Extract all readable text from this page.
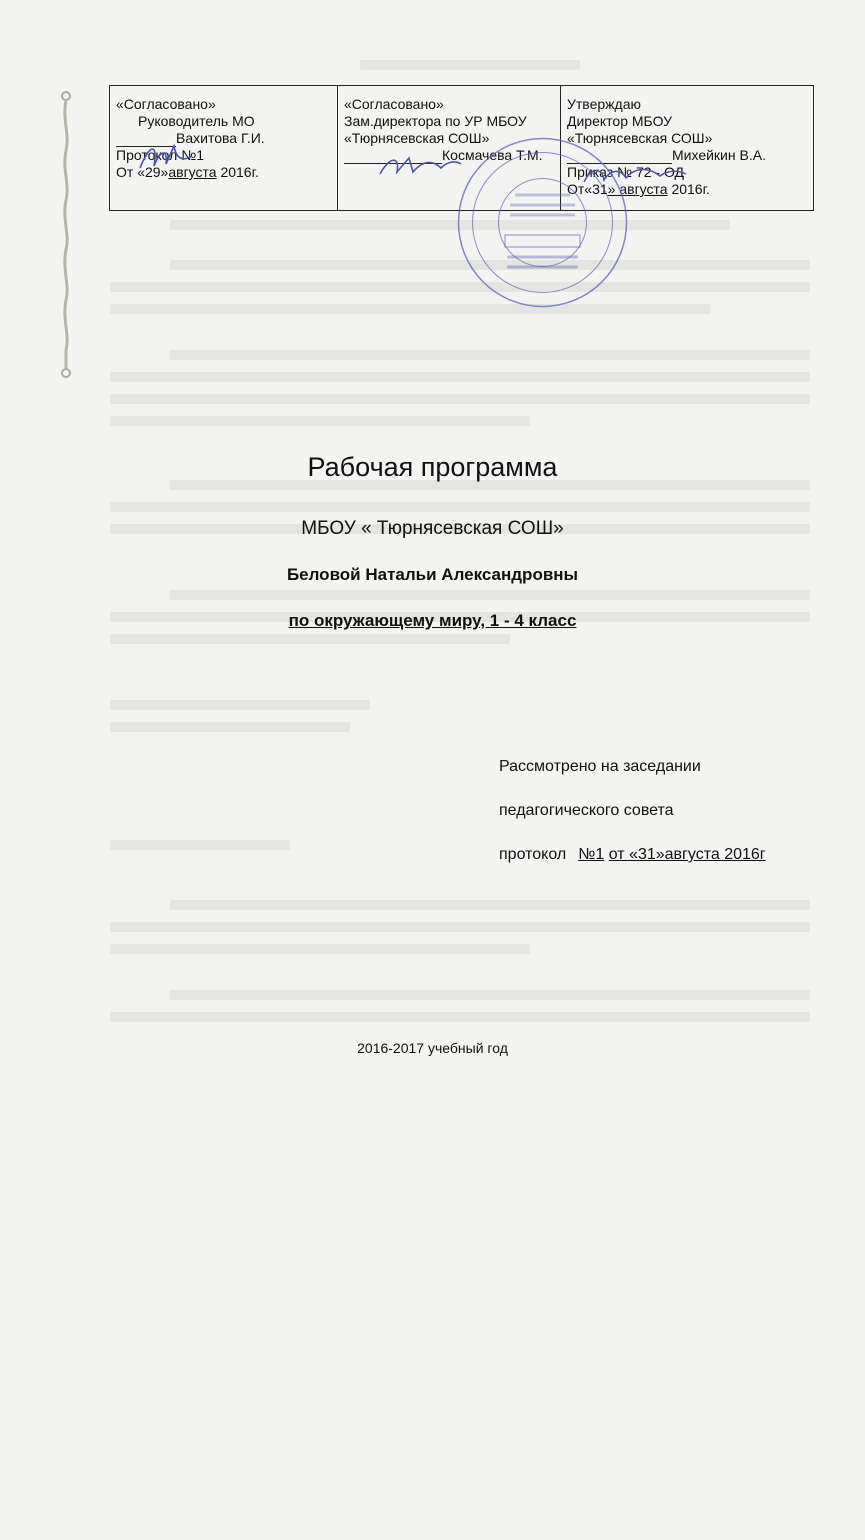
«Согласовано»
Руководитель МО
Вахитова Г.И.
Протокол №1
От «29»августа 2016г.

«Согласовано»
Зам.директора по УР МБОУ
«Тюрнясевская СОШ»
Космачева Т.М.

Утверждаю
Директор МБОУ
«Тюрнясевская СОШ»
Михейкин В.А.
Приказ № 72 - ОД
От«31» августа 2016г.
Рабочая программа
МБОУ « Тюрнясевская СОШ»
Беловой Натальи Александровны
по окружающему миру, 1 - 4 класс
Рассмотрено на заседании
педагогического совета
протокол №1 от «31»августа 2016г
2016-2017 учебный год
